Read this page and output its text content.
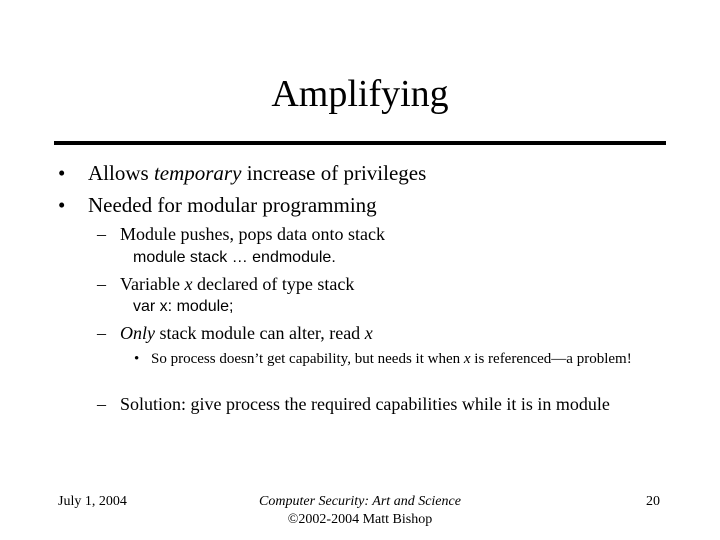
Amplifying
• Allows temporary increase of privileges
• Needed for modular programming
– Module pushes, pops data onto stack
module stack … endmodule.
– Variable x declared of type stack
var x: module;
– Only stack module can alter, read x
• So process doesn’t get capability, but needs it when x is referenced—a problem!
– Solution: give process the required capabilities while it is in module
July 1, 2004	Computer Security: Art and Science
©2002-2004 Matt Bishop
20
